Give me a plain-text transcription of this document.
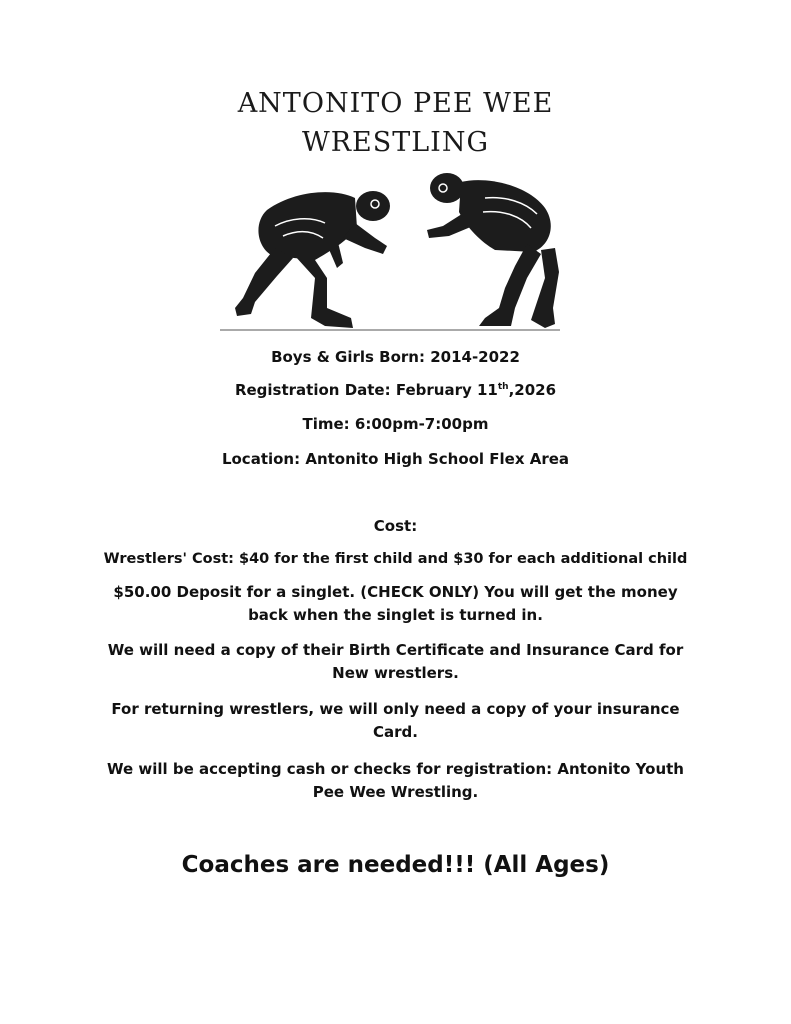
ANTONITO PEE WEE
WRESTLING

Boys & Girls Born: 2014-2022

Registration Date: February 11th,2026

Time: 6:00pm-7:00pm

Location: Antonito High School Flex Area

Cost:

Wrestlers' Cost: $40 for the first child and $30 for each additional child

$50.00 Deposit for a singlet. (CHECK ONLY) You will get the money
back when the singlet is turned in.

We will need a copy of their Birth Certificate and Insurance Card for
New wrestlers.

For returning wrestlers, we will only need a copy of your insurance
Card.

We will be accepting cash or checks for registration: Antonito Youth
Pee Wee Wrestling.

Coaches are needed!!! (All Ages)
